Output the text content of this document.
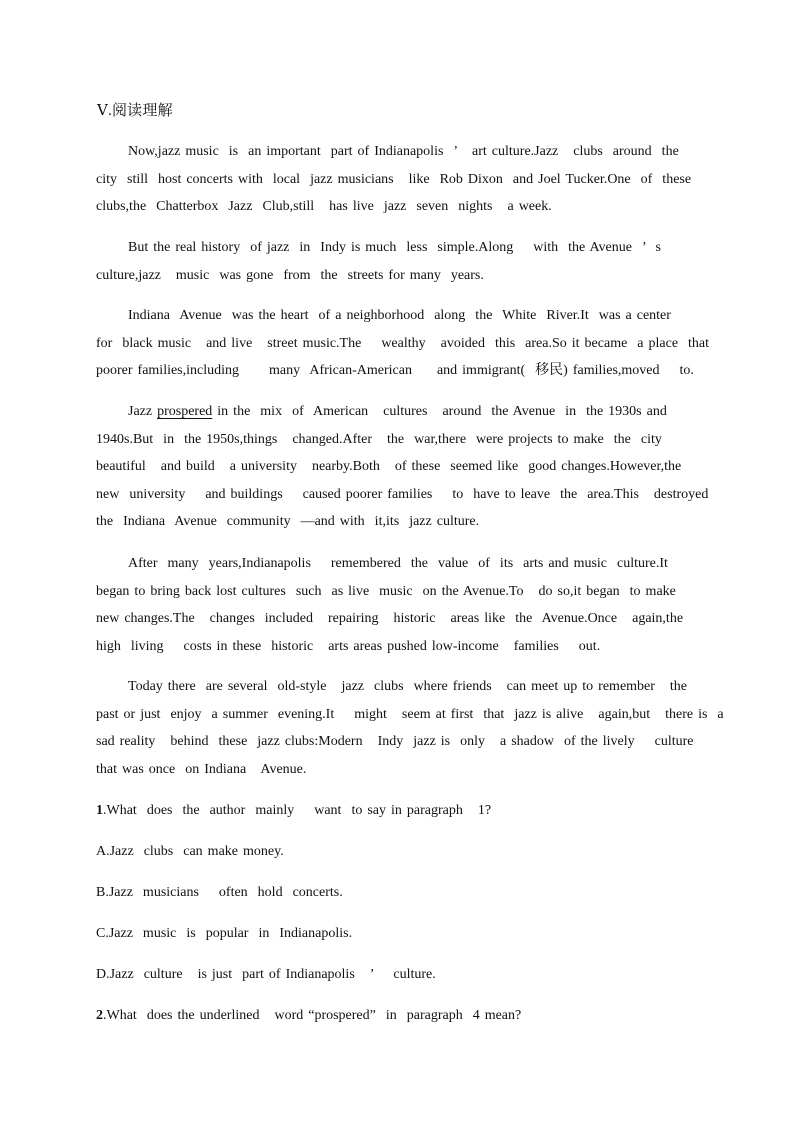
Ⅴ.阅读理解
Now,jazz music  is  an important  part of Indianapolis  ’   art culture.Jazz   clubs  around  the
city  still  host concerts with  local  jazz musicians   like  Rob Dixon  and Joel Tucker.One  of  these
clubs,the  Chatterbox  Jazz  Club,still   has live  jazz  seven  nights   a week.
But the real history  of jazz  in  Indy is much  less  simple.Along    with  the Avenue  ’  s
culture,jazz   music  was gone  from  the  streets for many  years.
Indiana  Avenue  was the heart  of a neighborhood  along  the  White  River.It  was a center
for  black music   and live   street music.The    wealthy   avoided  this  area.So it became  a place  that
poorer families,including      many  African-American     and immigrant(  移民) families,moved    to.
Jazz prospered in the  mix  of  American   cultures   around  the Avenue  in  the 1930s and
1940s.But  in  the 1950s,things   changed.After   the  war,there  were projects to make  the  city
beautiful   and build   a university   nearby.Both   of these  seemed like  good changes.However,the
new  university    and buildings    caused poorer families    to  have to leave  the  area.This   destroyed
the  Indiana  Avenue  community  —and with  it,its  jazz culture.
After  many  years,Indianapolis    remembered  the  value  of  its  arts and music  culture.It
began to bring back lost cultures  such  as live  music  on the Avenue.To   do so,it began  to make
new changes.The   changes  included   repairing   historic   areas like  the  Avenue.Once   again,the
high  living    costs in these  historic   arts areas pushed low-income   families    out.
Today there  are several  old-style   jazz  clubs  where friends   can meet up to remember   the
past or just  enjoy  a summer  evening.It    might   seem at first  that  jazz is alive   again,but   there is  a
sad reality   behind  these  jazz clubs:Modern   Indy  jazz is  only   a shadow  of the lively    culture
that was once  on Indiana   Avenue.
1.What  does  the  author  mainly    want  to say in paragraph   1?
A.Jazz  clubs  can make money.
B.Jazz  musicians    often  hold  concerts.
C.Jazz  music  is  popular  in  Indianapolis.
D.Jazz  culture   is just  part of Indianapolis   ’    culture.
2.What  does the underlined   word “prospered”  in  paragraph  4 mean?
